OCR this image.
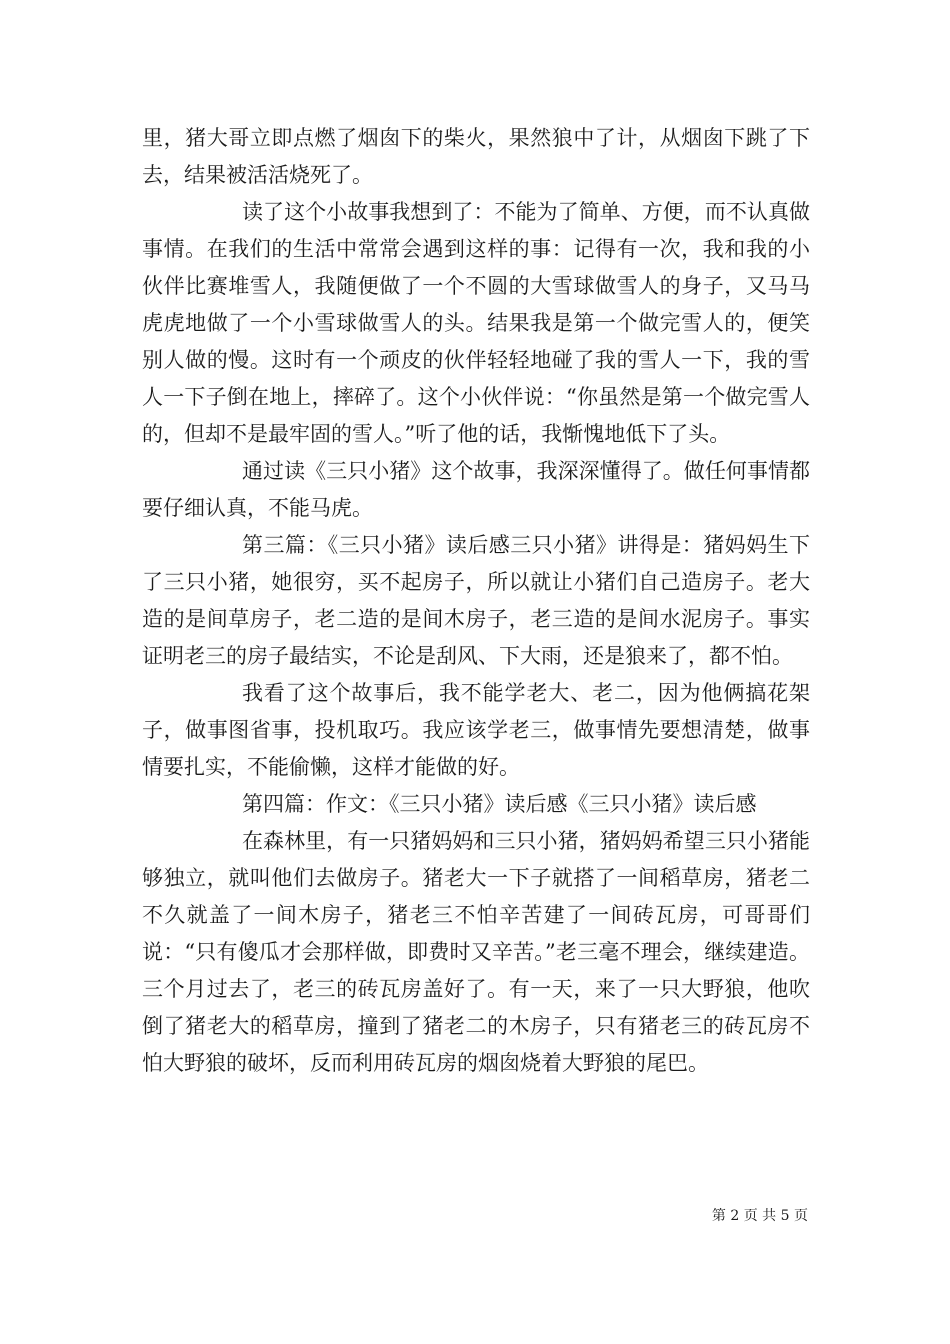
里，猪大哥立即点燃了烟囱下的柴火，果然狼中了计，从烟囱下跳了下去，结果被活活烧死了。

读了这个小故事我想到了：不能为了简单、方便，而不认真做事情。在我们的生活中常常会遇到这样的事：记得有一次，我和我的小伙伴比赛堆雪人，我随便做了一个不圆的大雪球做雪人的身子，又马马虎虎地做了一个小雪球做雪人的头。结果我是第一个做完雪人的，便笑别人做的慢。这时有一个顽皮的伙伴轻轻地碰了我的雪人一下，我的雪人一下子倒在地上，摔碎了。这个小伙伴说：“你虽然是第一个做完雪人的，但却不是最牢固的雪人。”听了他的话，我惭愧地低下了头。

通过读《三只小猪》这个故事，我深深懂得了。做任何事情都要仔细认真，不能马虎。

第三篇：《三只小猪》读后感三只小猪》讲得是：猪妈妈生下了三只小猪，她很穷，买不起房子，所以就让小猪们自己造房子。老大造的是间草房子，老二造的是间木房子，老三造的是间水泥房子。事实证明老三的房子最结实，不论是刮风、下大雨，还是狼来了，都不怕。

我看了这个故事后，我不能学老大、老二，因为他俩搞花架子，做事图省事，投机取巧。我应该学老三，做事情先要想清楚，做事情要扎实，不能偷懒，这样才能做的好。

第四篇：作文：《三只小猪》读后感《三只小猪》读后感

在森林里，有一只猪妈妈和三只小猪，猪妈妈希望三只小猪能够独立，就叫他们去做房子。猪老大一下子就搭了一间稻草房，猪老二不久就盖了一间木房子，猪老三不怕辛苦建了一间砖瓦房，可哥哥们说：“只有傻瓜才会那样做，即费时又辛苦。”老三毫不理会，继续建造。三个月过去了，老三的砖瓦房盖好了。有一天，来了一只大野狼，他吹倒了猪老大的稻草房，撞到了猪老二的木房子，只有猪老三的砖瓦房不怕大野狼的破坏，反而利用砖瓦房的烟囱烧着大野狼的尾巴。

第 2 页 共 5 页
